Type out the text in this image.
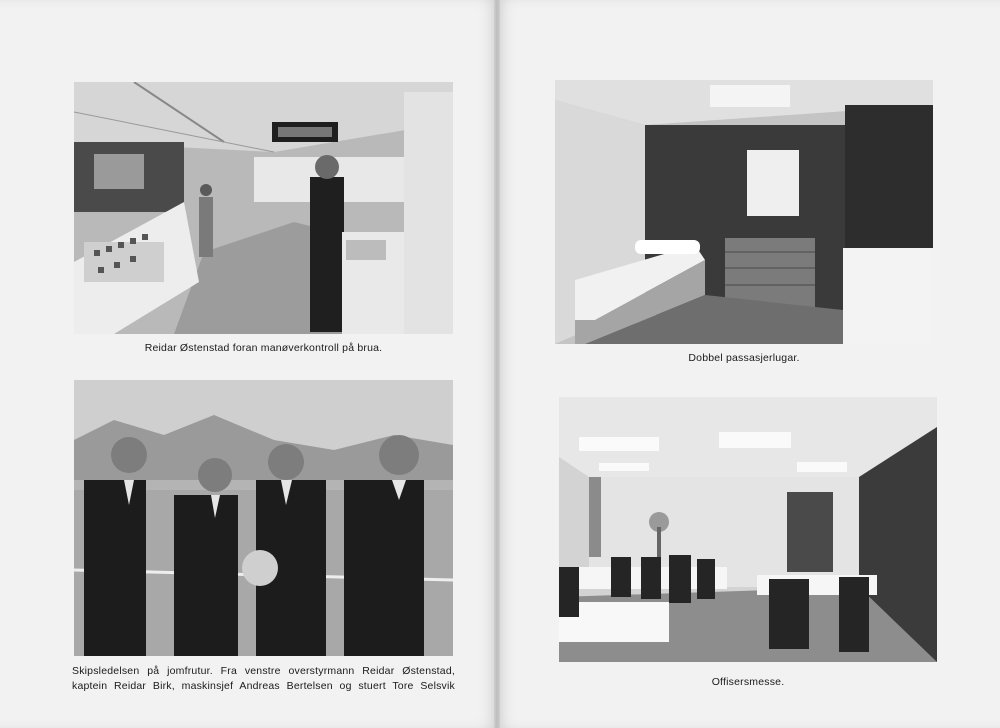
Reidar Østenstad foran manøverkontroll på brua.
Skipsledelsen på jomfrutur. Fra venstre overstyrmann Reidar Østenstad,
kaptein Reidar Birk, maskinsjef Andreas Bertelsen og stuert Tore Selsvik
Dobbel passasjerlugar.
Offisersmesse.
